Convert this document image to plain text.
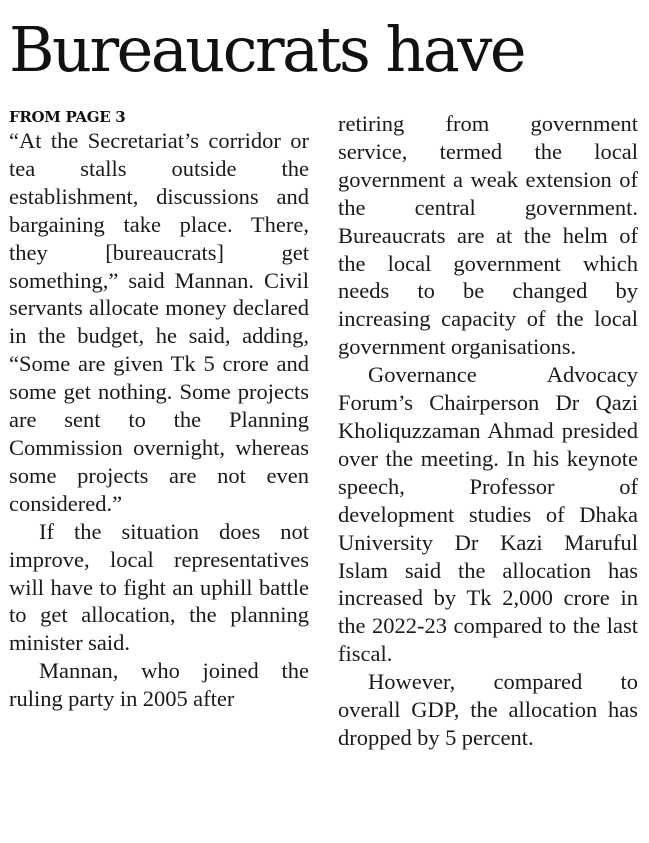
Bureaucrats have
FROM PAGE 3

“At the Secretariat’s corridor or tea stalls outside the establishment, discussions and bargaining take place. There, they [bureaucrats] get something,” said Mannan. Civil servants allocate money declared in the budget, he said, adding, “Some are given Tk 5 crore and some get nothing. Some projects are sent to the Planning Commission overnight, whereas some projects are not even considered.”

If the situation does not improve, local representatives will have to fight an uphill battle to get allocation, the planning minister said.

Mannan, who joined the ruling party in 2005 after

retiring from government service, termed the local government a weak extension of the central government. Bureaucrats are at the helm of the local government which needs to be changed by increasing capacity of the local government organisations.

Governance Advocacy Forum’s Chairperson Dr Qazi Kholiquzzaman Ahmad presided over the meeting. In his keynote speech, Professor of development studies of Dhaka University Dr Kazi Maruful Islam said the allocation has increased by Tk 2,000 crore in the 2022-23 compared to the last fiscal.

However, compared to overall GDP, the allocation has dropped by 5 percent.
